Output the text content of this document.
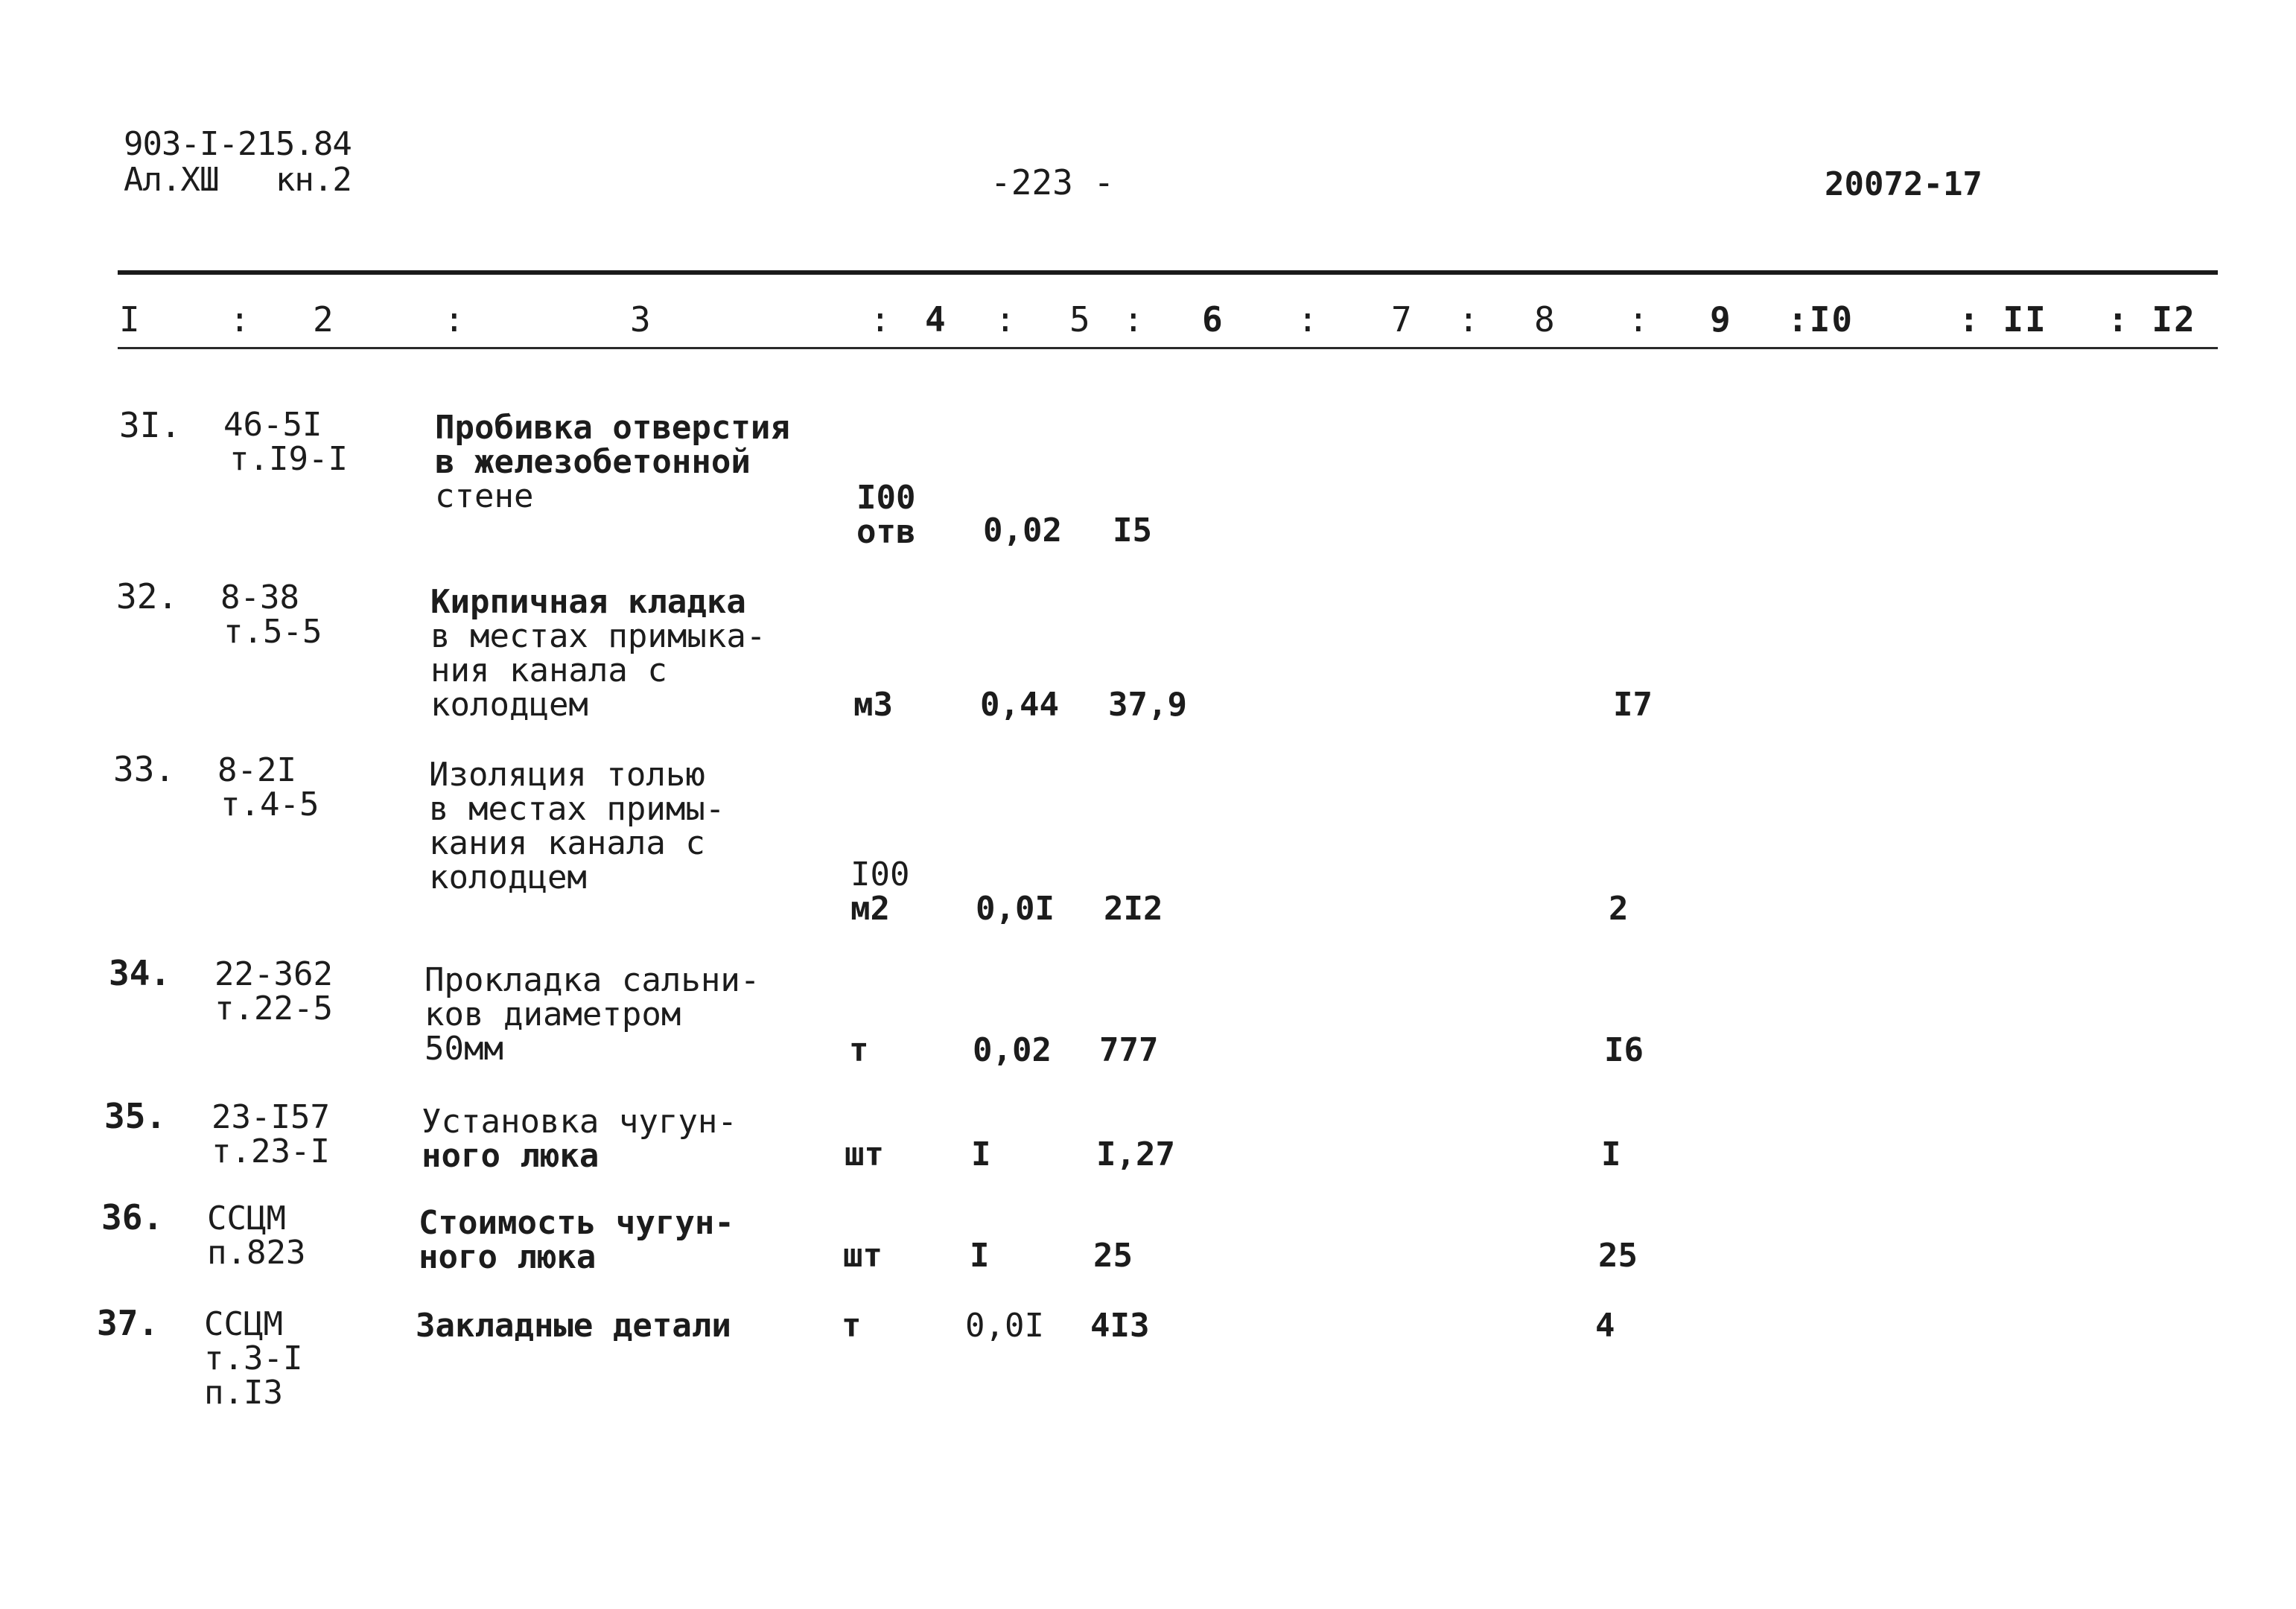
903-I-215.84
Ал.ХШ   кн.2	-223 -	20072-17
I	: 2	:	3	: 4 : 5 : 6 : 7 : 8 : 9 :I0	: II : I2
3I. 46-5I
т.I9-I
Пробивка отверстия
в железобетонной
стене	I00
отв 0,02 I5
32. 8-38
т.5-5
Кирпичная кладка
в местах примыка-
ния канала с
колодцем	м3	0,44 37,9	I7
33. 8-2I
т.4-5
Изоляция толью
в местах примы-
кания канала с
колодцем	I00
м2	0,0I 2I2	2
34. 22-362
т.22-5
Прокладка сальни-
ков диаметром
50мм	т	0,02 777	I6
35. 23-I57
т.23-I
Установка чугун-
ного люка	шт	I	I,27	I
36. ССЦМ
п.823
Стоимость чугун-
ного люка	шт	I	25	25
37. ССЦМ
т.3-I
п.I3
Закладные детали	т	0,0I 4I3	4
